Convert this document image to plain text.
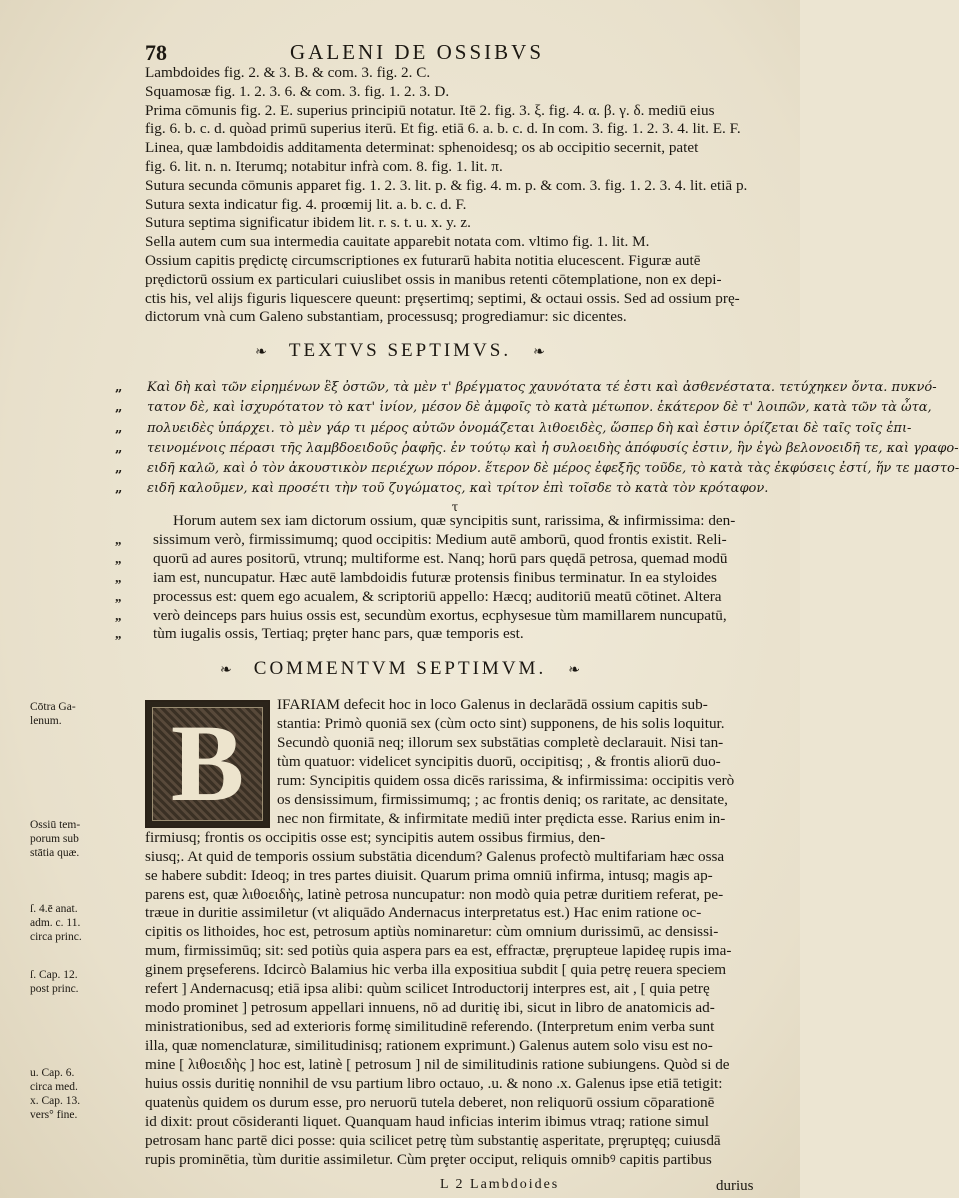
78	GALENI DE OSSIBVS
Lambdoides fig. 2. & 3. B. & com. 3. fig. 2. C.
Squamosæ fig. 1. 2. 3. 6. & com. 3. fig. 1. 2. 3. D.
Prima cōmunis fig. 2. E. superius principiū notatur. Itē 2. fig. 3. ξ. fig. 4. α. β. γ. δ. mediū eius
fig. 6. b. c. d. quòad primū superius iterū. Et fig. etiā 6. a. b. c. d. In com. 3. fig. 1. 2. 3. 4. lit. E. F.
Linea, quæ lambdoidis additamenta determinat: sphenoidesq; os ab occipitio secernit, patet
fig. 6. lit. n. n. Iterumq; notabitur infrà com. 8. fig. 1. lit. π.
Sutura secunda cōmunis apparet fig. 1. 2. 3. lit. p. & fig. 4. m. p. & com. 3. fig. 1. 2. 3. 4. lit. etiā p.
Sutura sexta indicatur fig. 4. proœmij lit. a. b. c. d. F.
Sutura septima significatur ibidem lit. r. s. t. u. x. y. z.
Sella autem cum sua intermedia cauitate apparebit notata com. vltimo fig. 1. lit. M.
Ossium capitis prędictę circumscriptiones ex futurarū habita notitia elucescent. Figuræ autē
prędictorū ossium ex particulari cuiuslibet ossis in manibus retenti cōtemplatione, non ex depi-
ctis his, vel alijs figuris liquescere queunt: prȩsertimq; septimi, & octaui ossis. Sed ad ossium prę-
dictorum vnà cum Galeno substantiam, processusq; progrediamur: sic dicentes.
❧ TEXTVS SEPTIMVS. ❧
„ Καὶ δὴ καὶ τῶν εἰρημένων ἓξ ὀστῶν, τὰ μὲν τ' βρέγματος χαυνότατα τέ ἐστι καὶ ἀσθενέστατα. τετύχηκεν ὄντα. πυκνό-
„ τατον δὲ, καὶ ἰσχυρότατον τὸ κατ' ἰνίον, μέσον δὲ ἀμφοῖς τὸ κατὰ μέτωπον. ἑκάτερον δὲ τ' λοιπῶν, κατὰ τῶν τὰ ὦτα,
„ πολυειδὲς ὑπάρχει. τὸ μὲν γάρ τι μέρος αὐτῶν ὀνομάζεται λιθοειδὲς, ὥσπερ δὴ καὶ ἐστιν ὁρίζεται δὲ ταῖς τοῖς ἐπι-
„ τεινομένοις πέρασι τῆς λαμβδοειδοῦς ῥαφῆς. ἐν τούτῳ καὶ ἡ συλοειδὴς ἀπόφυσίς ἐστιν, ἣν ἐγὼ βελονοειδῆ τε, καὶ γραφο-
„ ειδῆ καλῶ, καὶ ὁ τὸν ἀκουστικὸν περιέχων πόρον. ἕτερον δὲ μέρος ἐφεξῆς τοῦδε, τὸ κατὰ τὰς ἐκφύσεις ἐστί, ἥν τε μαστο-
„ ειδῆ καλοῦμεν, καὶ προσέτι τὴν τοῦ ζυγώματος, καὶ τρίτον ἐπὶ τοῖσδε τὸ κατὰ τὸν κρόταφον.
τ
Horum autem sex iam dictorum ossium, quæ syncipitis sunt, rarissima, & infirmissima: den-
„ sissimum verò, firmissimumq; quod occipitis: Medium autē amborū, quod frontis existit. Reli-
„ quorū ad aures positorū, vtrunq; multiforme est. Nanq; horū pars quędā petrosa, quemad modū
„ iam est, nuncupatur. Hæc autē lambdoidis futuræ protensis finibus terminatur. In ea styloides
„ processus est: quem ego acualem, & scriptoriū appello: Hæcq; auditoriū meatū cōtinet. Altera
„ verò deinceps pars huius ossis est, secundùm exortus, ecphysesue tùm mamillarem nuncupatū,
„ tùm iugalis ossis, Tertiaq; prȩter hanc pars, quæ temporis est.
❧ COMMENTVM SEPTIMVM. ❧
B	IFARIAM defecit hoc in loco Galenus in declarādā ossium capitis sub-
stantia: Primò quoniā sex (cùm octo sint) supponens, de his solis loquitur.
Secundò quoniā neq; illorum sex substātias completè declarauit. Nisi tan-
tùm quatuor: videlicet syncipitis duorū, occipitisq; , & frontis aliorū duo-
rum: Syncipitis quidem ossa dicēs rarissima, & infirmissima: occipitis verò
os densissimum, firmissimumq; ; ac frontis deniq; os raritate, ac densitate,
nec non firmitate, & infirmitate mediū inter prędicta esse. Rarius enim in-
firmiusq; frontis os occipitis osse est; syncipitis autem ossibus firmius, den-
siusq;. At quid de temporis ossium substātia dicendum? Galenus profectò multifariam hæc ossa
se habere subdit: Ideoq; in tres partes diuisit. Quarum prima omniū infirma, intusq; magis ap-
parens est, quæ λιθοειδὴς, latinè petrosa nuncupatur: non modò quia petræ duritiem referat, pe-
træue in duritie assimiletur (vt aliquādo Andernacus interpretatus est.) Hac enim ratione oc-
cipitis os lithoides, hoc est, petrosum aptiùs nominaretur: cùm omnium durissimū, ac densissi-
mum, firmissimūq; sit: sed potiùs quia aspera pars ea est, effractæ, prȩrupteue lapideę rupis ima-
ginem prȩseferens. Idcircò Balamius hic verba illa expositiua subdit [ quia petrę reuera speciem
refert ] Andernacusq; etiā ipsa alibi: quùm scilicet Introductorij interpres est, ait , [ quia petrę
modo prominet ] petrosum appellari innuens, nō ad duritię ibi, sicut in libro de anatomicis ad-
ministrationibus, sed ad exterioris formę similitudinē referendo. (Interpretum enim verba sunt
illa, quæ nomenclaturæ, similitudinisq; rationem exprimunt.) Galenus autem solo visu est no-
mine [ λιθοειδὴς ] hoc est, latinè [ petrosum ] nil de similitudinis ratione subiungens. Quòd si de
huius ossis duritię nonnihil de vsu partium libro octauo, .u. & nono .x. Galenus ipse etiā tetigit:
quatenùs quidem os durum esse, pro neruorū tutela deberet, non reliquorū ossium cōparationē
id dixit: prout cōsideranti liquet. Quanquam haud inficias interim ibimus vtraq; ratione simul
petrosam hanc partē dici posse: quia scilicet petrę tùm substantię asperitate, prȩruptęq; cuiusdā
rupis prominētia, tùm duritie assimiletur. Cùm prȩter occiput, reliquis omnibꝰ capitis partibus
Cōtra Ga-
lenum.
Ossiū tem-
porum sub
stātia quæ.
ſ. 4.ē anat.
adm. c. 11.
circa princ.
ſ. Cap. 12.
post princ.
u. Cap. 6.
circa med.
x. Cap. 13.
vers° fine.
L 2 Lambdoides	durius
